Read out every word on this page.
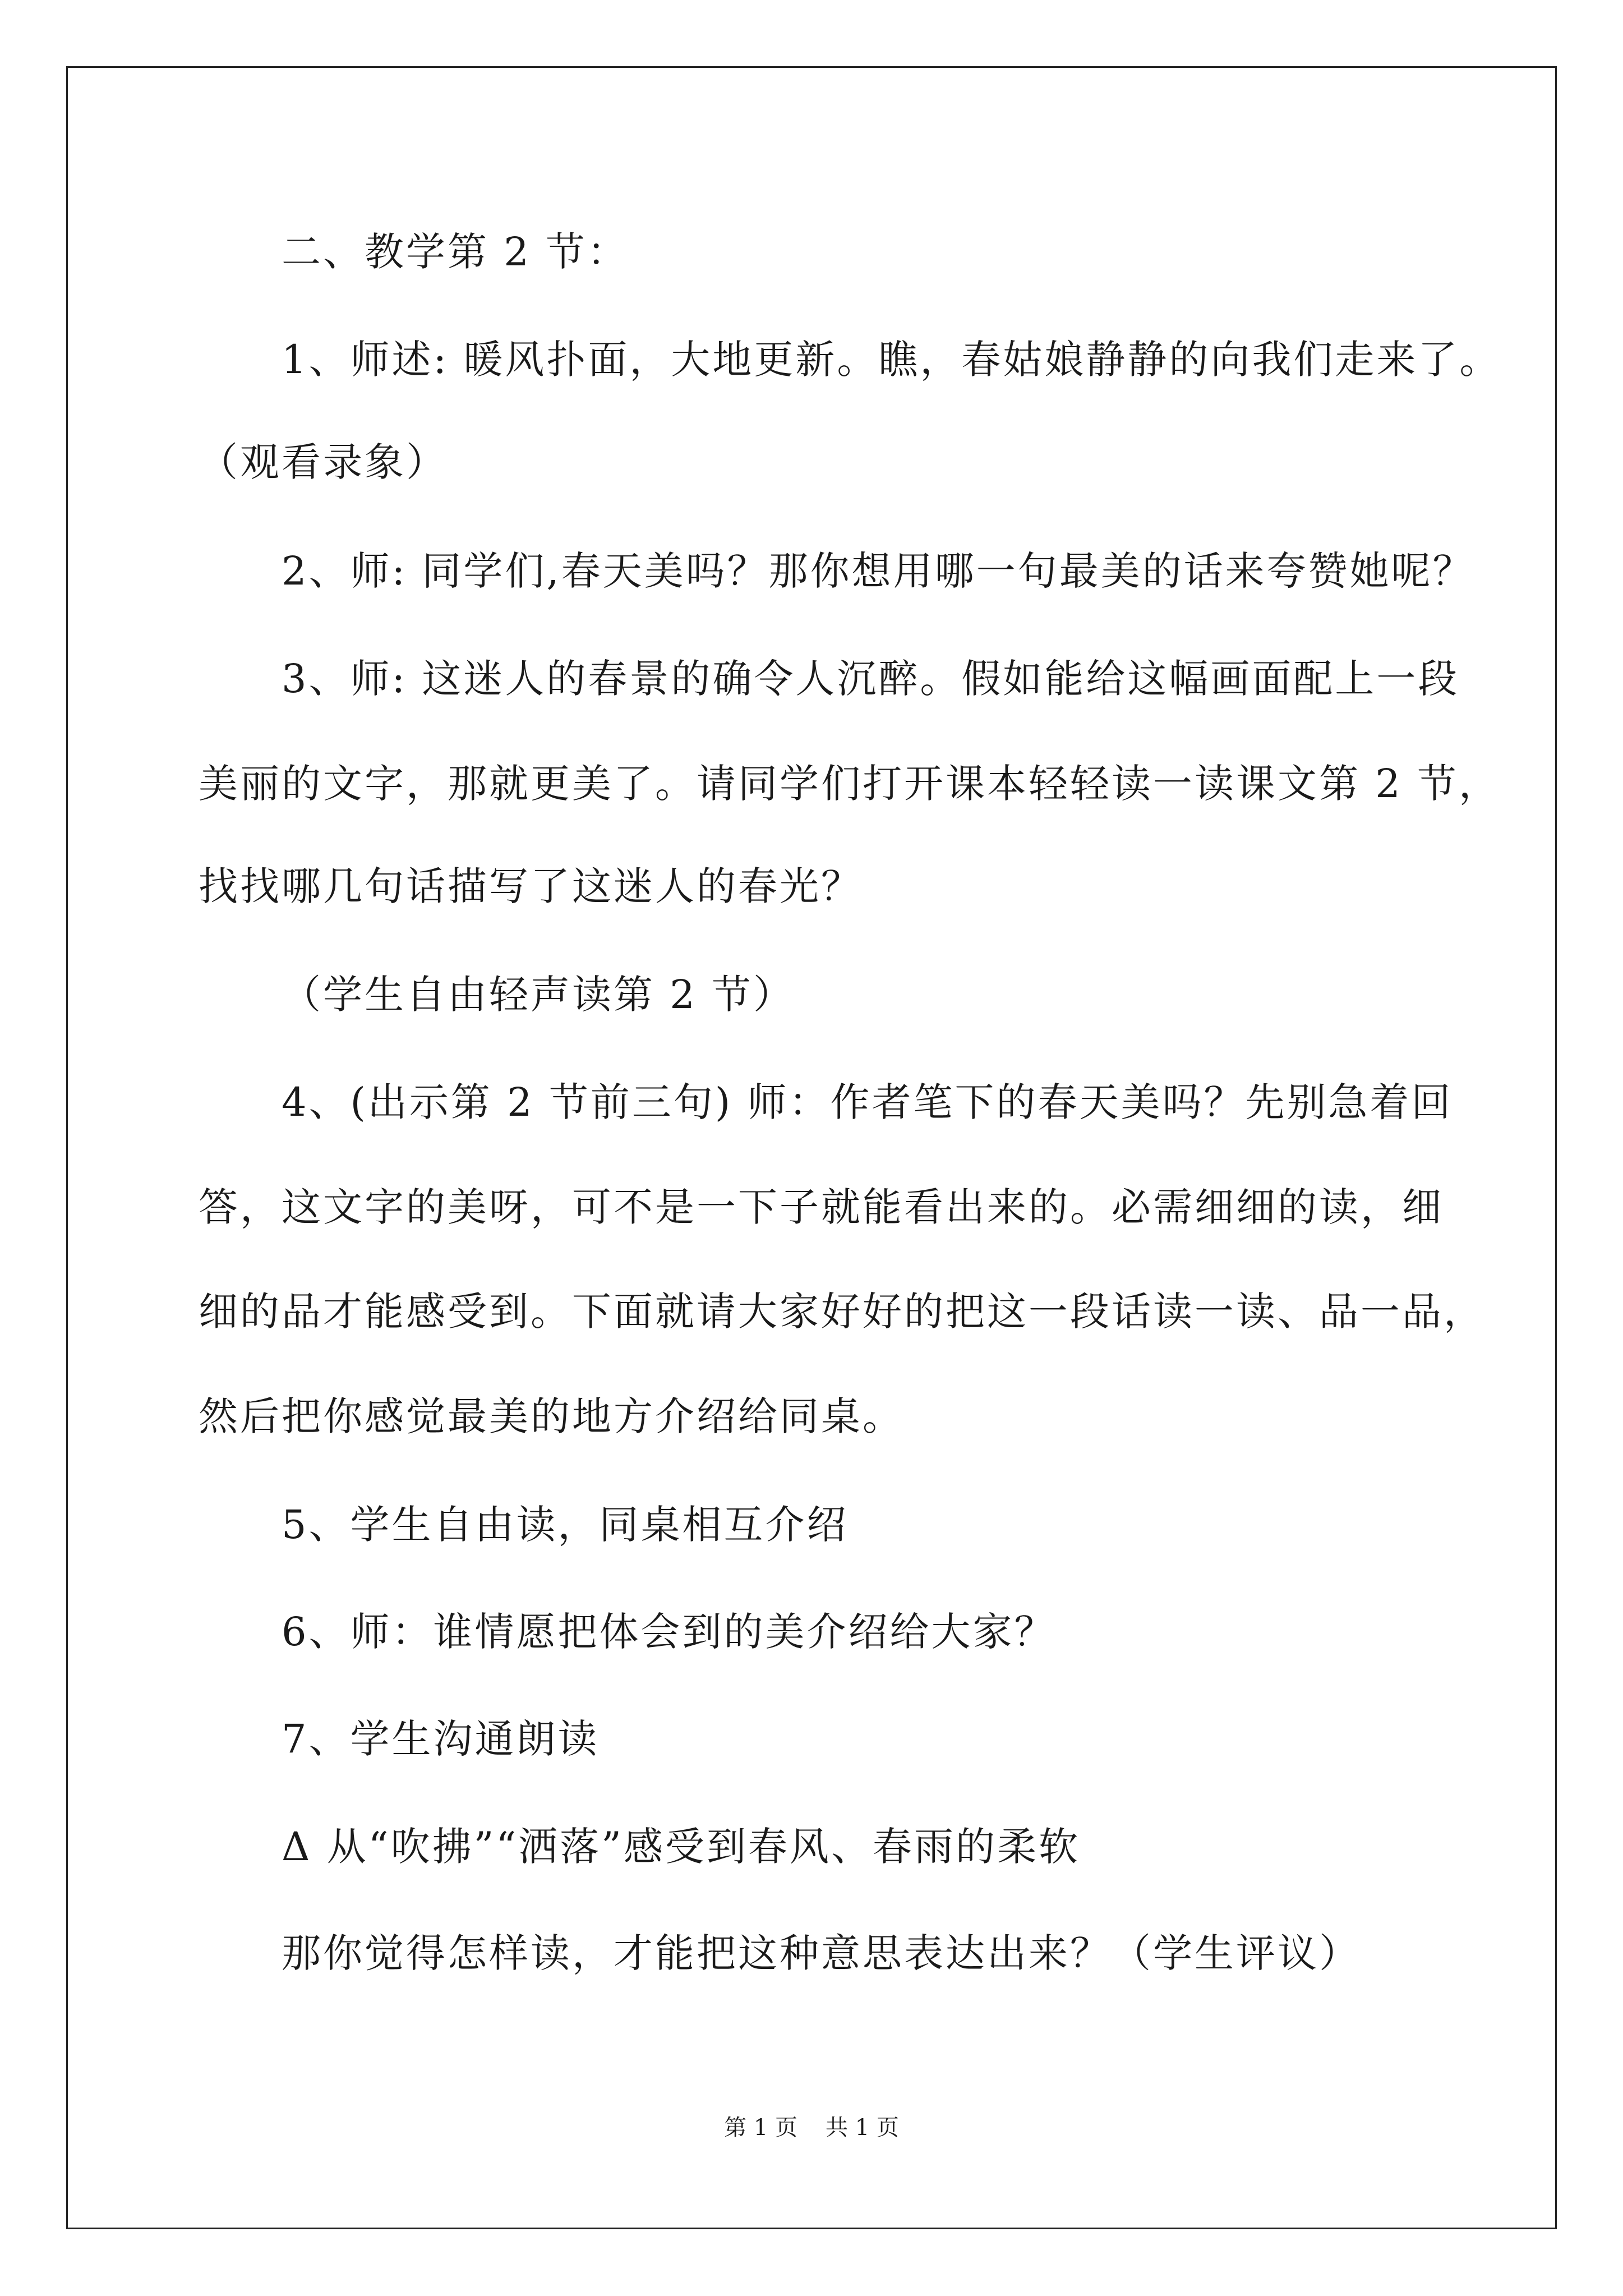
二、教学第 2 节：
1、师述: 暖风扑面，大地更新。瞧，春姑娘静静的向我们走来了。
（观看录象）
2、师: 同学们,春天美吗？那你想用哪一句最美的话来夸赞她呢？
3、师: 这迷人的春景的确令人沉醉。假如能给这幅画面配上一段
美丽的文字，那就更美了。请同学们打开课本轻轻读一读课文第 2 节，
找找哪几句话描写了这迷人的春光？
（学生自由轻声读第 2 节）
4、(出示第 2 节前三句) 师：作者笔下的春天美吗？先别急着回
答，这文字的美呀，可不是一下子就能看出来的。必需细细的读，细
细的品才能感受到。下面就请大家好好的把这一段话读一读、品一品，
然后把你感觉最美的地方介绍给同桌。
5、学生自由读，同桌相互介绍
6、师：谁情愿把体会到的美介绍给大家？
7、学生沟通朗读
Δ 从“吹拂”“洒落”感受到春风、春雨的柔软
那你觉得怎样读，才能把这种意思表达出来？（学生评议）
第 1 页 共 1 页
